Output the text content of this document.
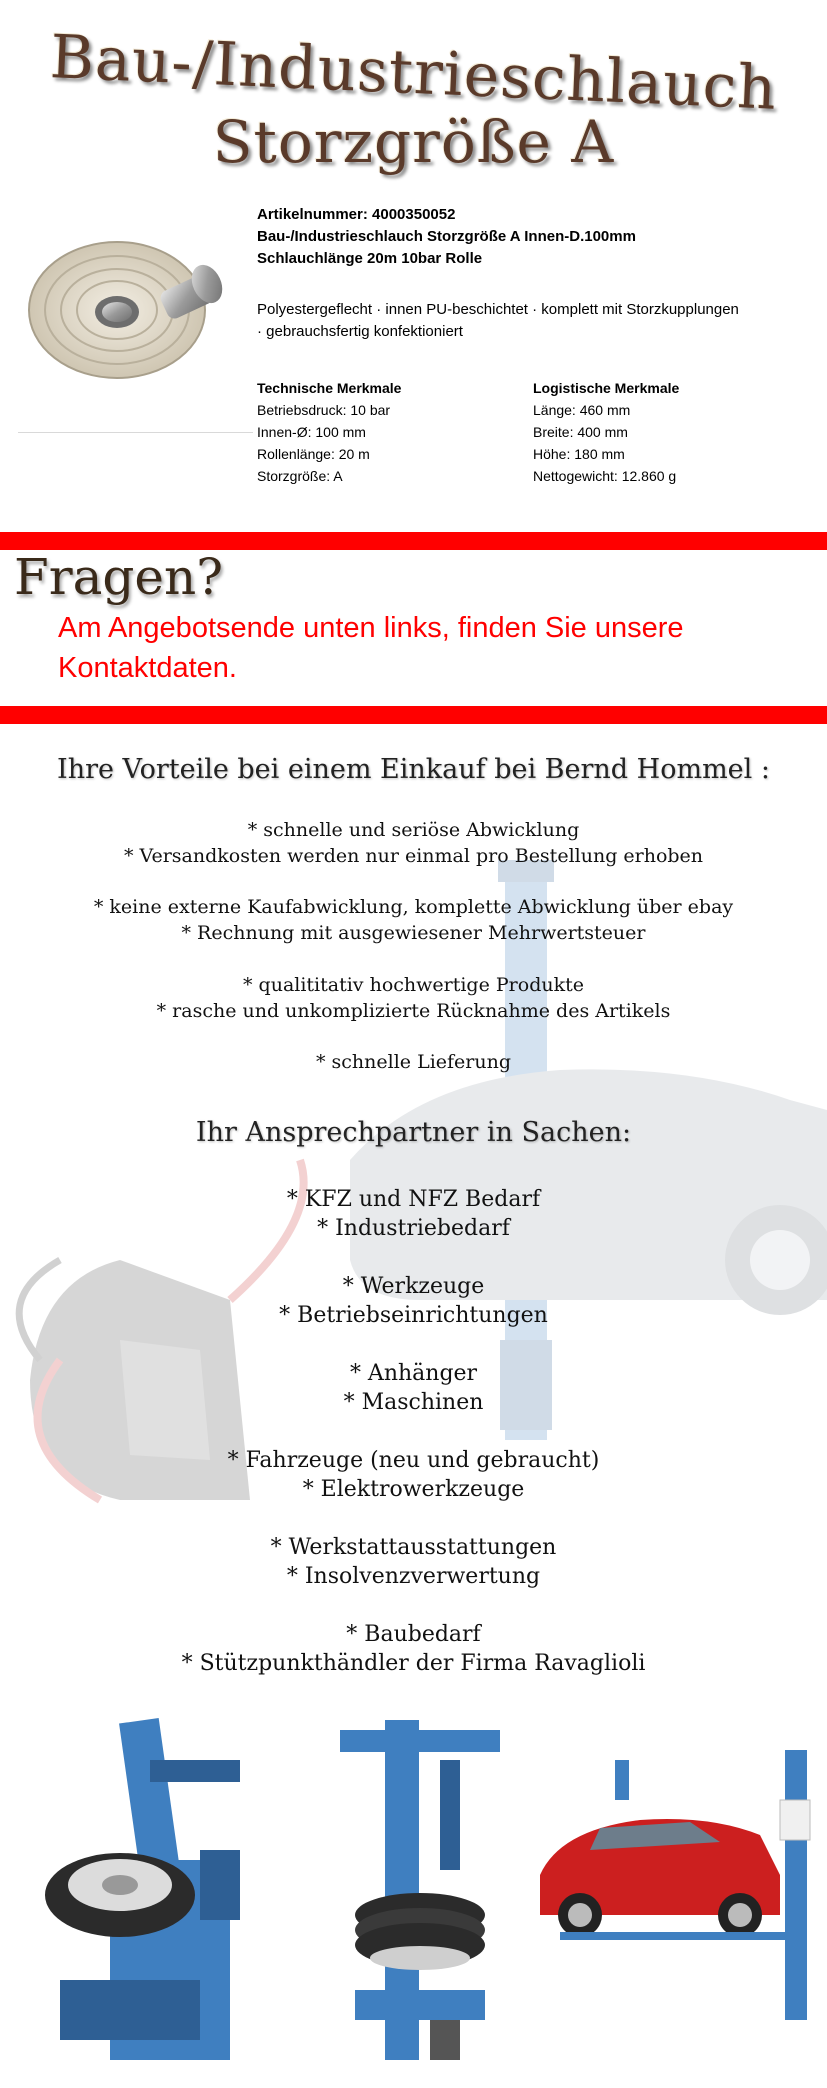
Bau-/Industrieschlauch
Storzgröße A
Artikelnummer: 4000350052
Bau-/Industrieschlauch Storzgröße A Innen-D.100mm
Schlauchlänge 20m 10bar Rolle
Polyestergeflecht · innen PU-beschichtet · komplett mit Storzkupplungen
· gebrauchsfertig konfektioniert
Technische Merkmale
Betriebsdruck: 10 bar
Innen-Ø: 100 mm
Rollenlänge: 20 m
Storzgröße: A
Logistische Merkmale
Länge: 460 mm
Breite: 400 mm
Höhe: 180 mm
Nettogewicht: 12.860 g
Fragen?
Am Angebotsende unten links, finden Sie unsere
Kontaktdaten.
Ihre Vorteile bei einem Einkauf bei Bernd Hommel :
* schnelle und seriöse Abwicklung
* Versandkosten werden nur einmal pro Bestellung erhoben
* keine externe Kaufabwicklung, komplette Abwicklung über ebay
* Rechnung mit ausgewiesener Mehrwertsteuer
* qualititativ hochwertige Produkte
* rasche und unkomplizierte Rücknahme des Artikels
* schnelle Lieferung
Ihr Ansprechpartner in Sachen:
* KFZ und NFZ Bedarf
* Industriebedarf
* Werkzeuge
* Betriebseinrichtungen
* Anhänger
* Maschinen
* Fahrzeuge (neu und gebraucht)
* Elektrowerkzeuge
* Werkstattausstattungen
* Insolvenzverwertung
* Baubedarf
* Stützpunkthändler der Firma Ravaglioli
